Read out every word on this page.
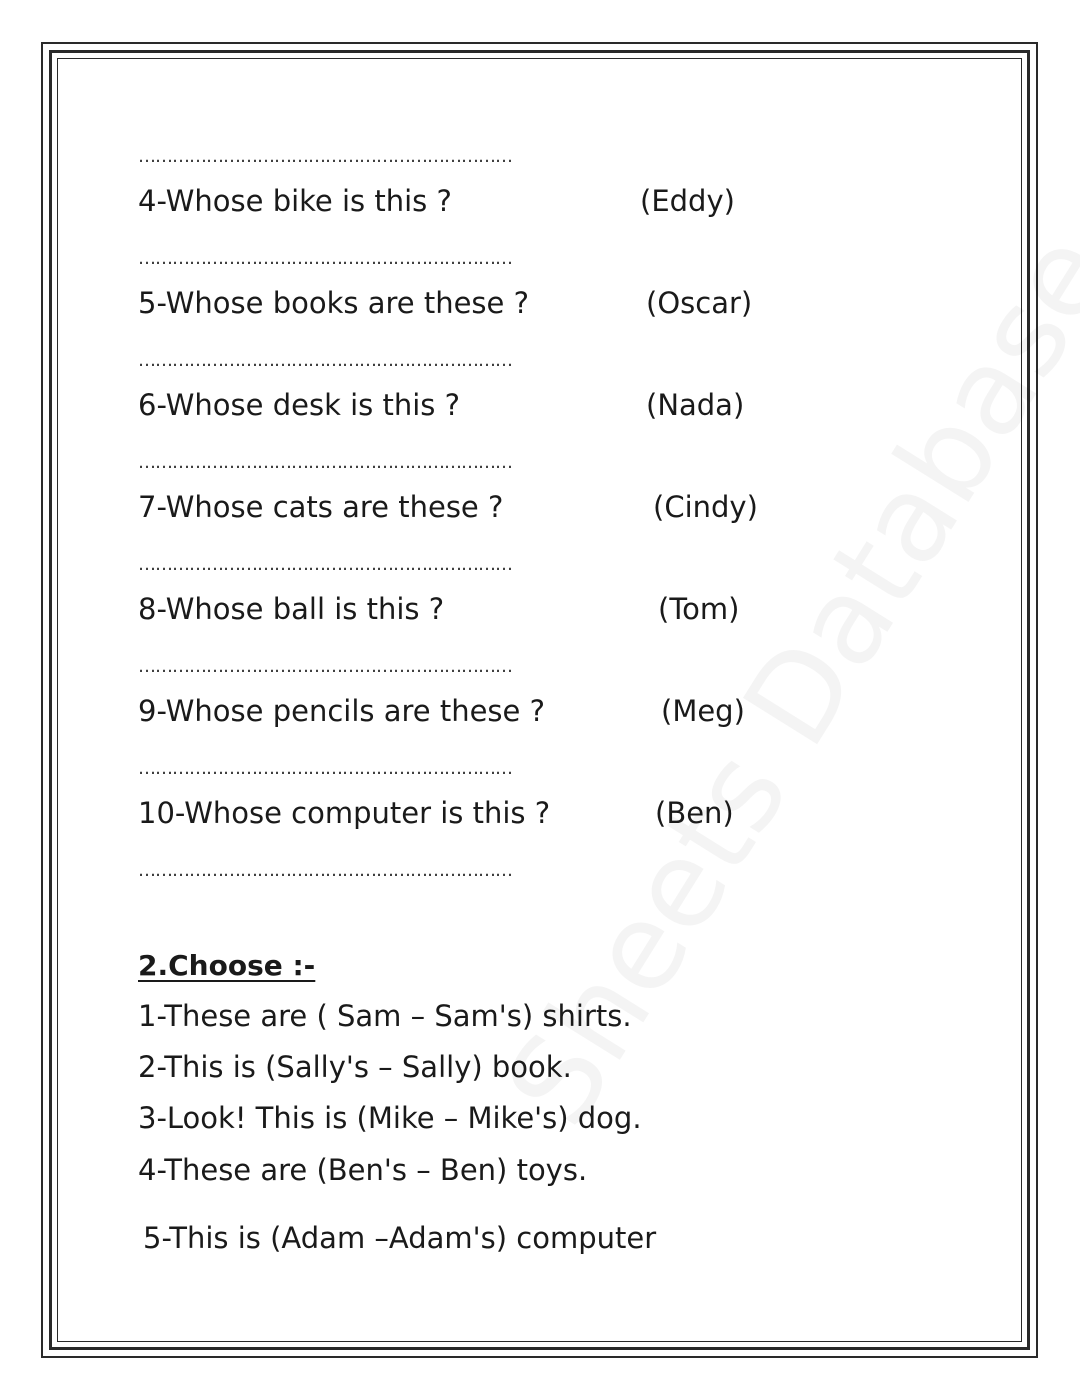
…………………………………………………………
…………………………………………………………
…………………………………………………………
…………………………………………………………
…………………………………………………………
…………………………………………………………
…………………………………………………………
…………………………………………………………
4-Whose bike is this ?	(Eddy)
5-Whose books are these ?	(Oscar)
6-Whose desk is this ?	(Nada)
7-Whose cats are these ?	(Cindy)
8-Whose ball is this ?	(Tom)
9-Whose pencils are these ?	(Meg)
10-Whose computer is this ?	(Ben)
2.Choose :-
1-These are ( Sam – Sam's) shirts.
2-This is (Sally's – Sally) book.
3-Look! This is (Mike – Mike's) dog.
4-These are (Ben's – Ben) toys.
5-This is (Adam –Adam's) computer
